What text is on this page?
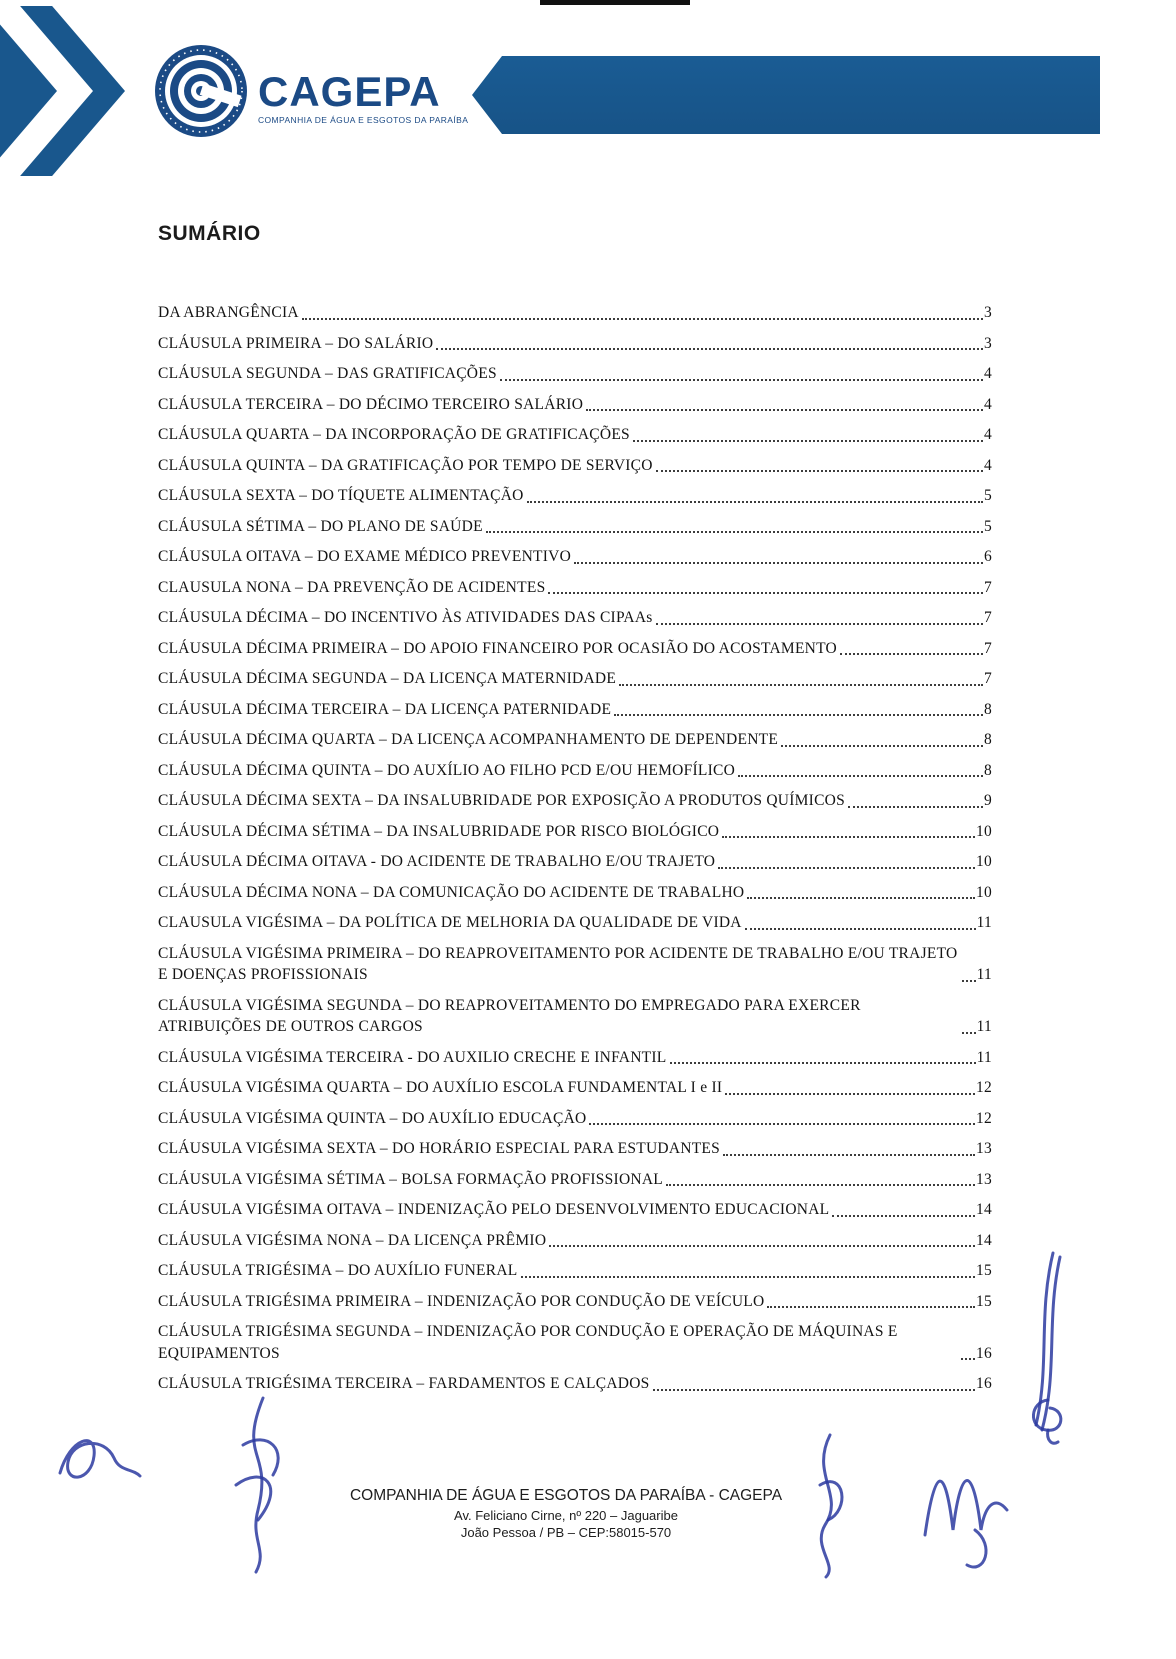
CAGEPA
COMPANHIA DE ÁGUA E ESGOTOS DA PARAÍBA
SUMÁRIO
DA ABRANGÊNCIA	3
CLÁUSULA PRIMEIRA – DO SALÁRIO	3
CLÁUSULA SEGUNDA – DAS GRATIFICAÇÕES	4
CLÁUSULA TERCEIRA – DO DÉCIMO TERCEIRO SALÁRIO	4
CLÁUSULA QUARTA – DA INCORPORAÇÃO DE GRATIFICAÇÕES	4
CLÁUSULA QUINTA – DA GRATIFICAÇÃO POR TEMPO DE SERVIÇO	4
CLÁUSULA SEXTA – DO TÍQUETE ALIMENTAÇÃO	5
CLÁUSULA SÉTIMA – DO PLANO DE SAÚDE	5
CLÁUSULA OITAVA – DO EXAME MÉDICO PREVENTIVO	6
CLAUSULA NONA – DA PREVENÇÃO DE ACIDENTES	7
CLÁUSULA DÉCIMA – DO INCENTIVO ÀS ATIVIDADES DAS CIPAAs	7
CLÁUSULA DÉCIMA PRIMEIRA – DO APOIO FINANCEIRO POR OCASIÃO DO ACOSTAMENTO	7
CLÁUSULA DÉCIMA SEGUNDA – DA LICENÇA MATERNIDADE	7
CLÁUSULA DÉCIMA TERCEIRA – DA LICENÇA PATERNIDADE	8
CLÁUSULA DÉCIMA QUARTA – DA LICENÇA ACOMPANHAMENTO DE DEPENDENTE	8
CLÁUSULA DÉCIMA QUINTA – DO AUXÍLIO AO FILHO PCD E/OU HEMOFÍLICO	8
CLÁUSULA DÉCIMA SEXTA – DA INSALUBRIDADE POR EXPOSIÇÃO A PRODUTOS QUÍMICOS	9
CLÁUSULA DÉCIMA SÉTIMA – DA INSALUBRIDADE POR RISCO BIOLÓGICO	10
CLÁUSULA DÉCIMA OITAVA - DO ACIDENTE DE TRABALHO E/OU TRAJETO	10
CLÁUSULA DÉCIMA NONA – DA COMUNICAÇÃO DO ACIDENTE DE TRABALHO	10
CLAUSULA VIGÉSIMA – DA POLÍTICA DE MELHORIA DA QUALIDADE DE VIDA	11
CLÁUSULA VIGÉSIMA PRIMEIRA – DO REAPROVEITAMENTO POR ACIDENTE DE TRABALHO E/OU TRAJETO E DOENÇAS PROFISSIONAIS	11
CLÁUSULA VIGÉSIMA SEGUNDA – DO REAPROVEITAMENTO DO EMPREGADO PARA EXERCER ATRIBUIÇÕES DE OUTROS CARGOS	11
CLÁUSULA VIGÉSIMA TERCEIRA - DO AUXILIO CRECHE E INFANTIL	11
CLÁUSULA VIGÉSIMA QUARTA – DO AUXÍLIO ESCOLA FUNDAMENTAL I e II	12
CLÁUSULA VIGÉSIMA QUINTA – DO AUXÍLIO EDUCAÇÃO	12
CLÁUSULA VIGÉSIMA SEXTA – DO HORÁRIO ESPECIAL PARA ESTUDANTES	13
CLÁUSULA VIGÉSIMA SÉTIMA – BOLSA FORMAÇÃO PROFISSIONAL	13
CLÁUSULA VIGÉSIMA OITAVA – INDENIZAÇÃO PELO DESENVOLVIMENTO EDUCACIONAL	14
CLÁUSULA VIGÉSIMA NONA – DA LICENÇA PRÊMIO	14
CLÁUSULA TRIGÉSIMA – DO AUXÍLIO FUNERAL	15
CLÁUSULA TRIGÉSIMA PRIMEIRA – INDENIZAÇÃO POR CONDUÇÃO DE VEÍCULO	15
CLÁUSULA TRIGÉSIMA SEGUNDA – INDENIZAÇÃO POR CONDUÇÃO E OPERAÇÃO DE MÁQUINAS E EQUIPAMENTOS	16
CLÁUSULA TRIGÉSIMA TERCEIRA – FARDAMENTOS E CALÇADOS	16
COMPANHIA DE ÁGUA E ESGOTOS DA PARAÍBA - CAGEPA
Av. Feliciano Cirne, nº 220 – Jaguaribe
João Pessoa / PB – CEP:58015-570
